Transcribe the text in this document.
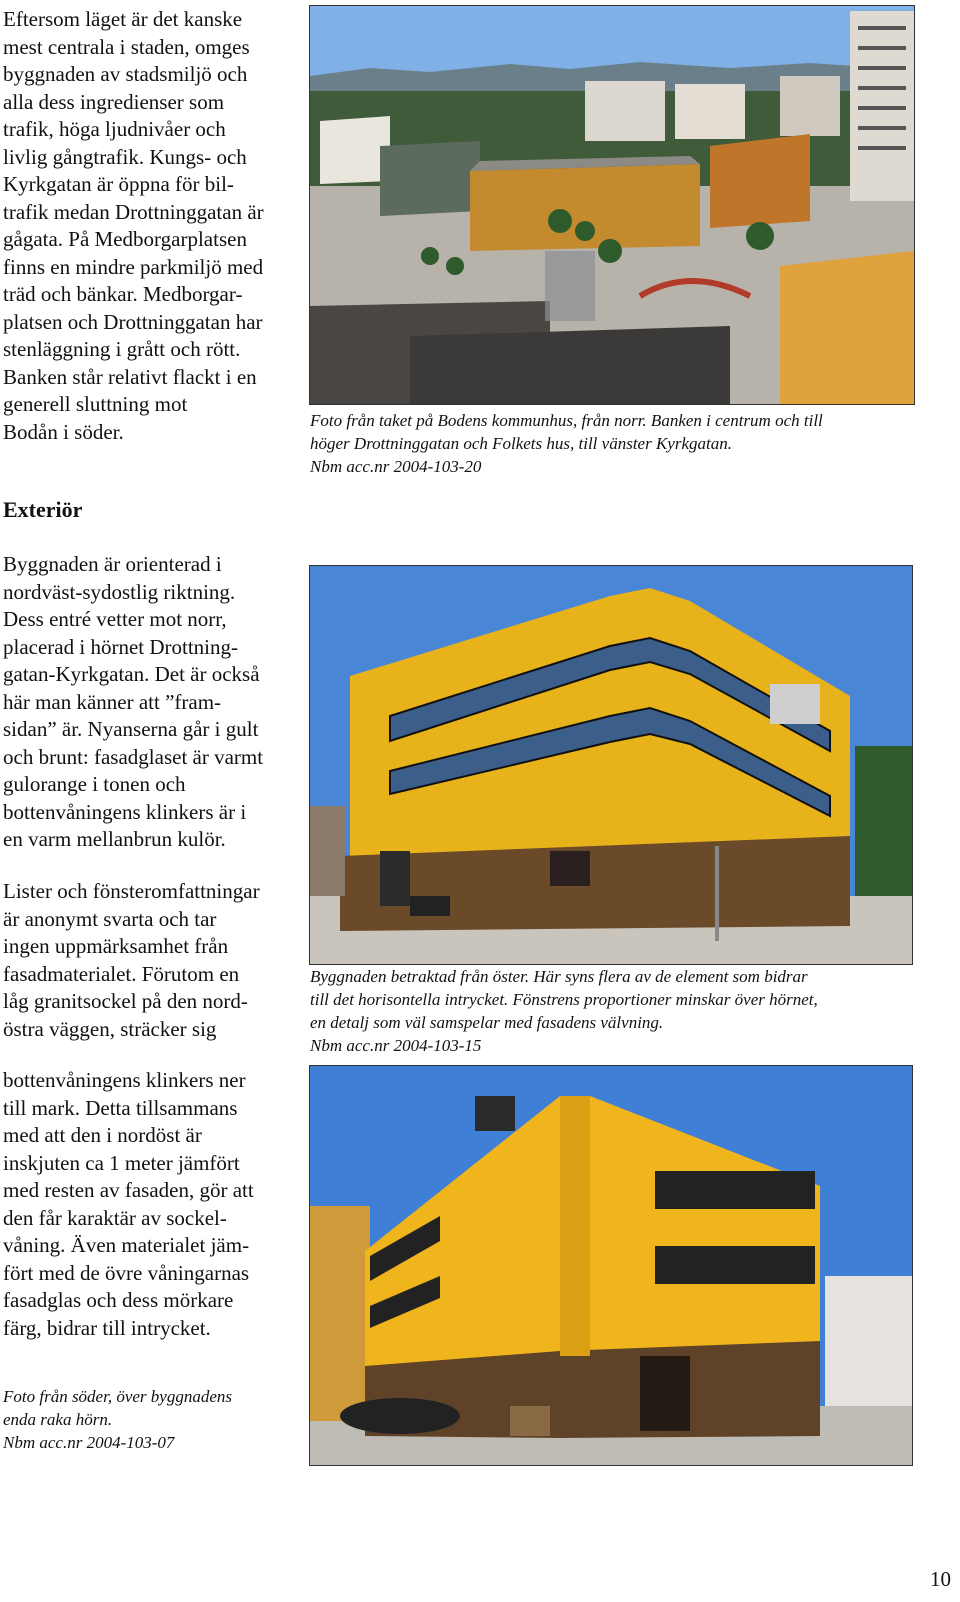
Eftersom läget är det kanske
mest centrala i staden, omges
byggnaden av stadsmiljö och
alla dess ingredienser som
trafik, höga ljudnivåer och
livlig gångtrafik. Kungs- och
Kyrkgatan är öppna för bil-
trafik medan Drottninggatan är
gågata. På Medborgarplatsen
finns en mindre parkmiljö med
träd och bänkar. Medborgar-
platsen och Drottninggatan har
stenläggning i grått och rött.
Banken står relativt flackt i en
generell sluttning mot
Bodån i söder.

Exteriör

Byggnaden är orienterad i
nordväst-sydostlig riktning.
Dess entré vetter mot norr,
placerad i hörnet Drottning-
gatan-Kyrkgatan. Det är också
här man känner att ”fram-
sidan” är. Nyanserna går i gult
och brunt: fasadglaset är varmt
gulorange i tonen och
bottenvåningens klinkers är i
en varm mellanbrun kulör.

Lister och fönsteromfattningar
är anonymt svarta och tar
ingen uppmärksamhet från
fasadmaterialet. Förutom en
låg granitsockel på den nord-
östra väggen, sträcker sig

bottenvåningens klinkers ner
till mark. Detta tillsammans
med att den i nordöst är
inskjuten ca 1 meter jämfört
med resten av fasaden, gör att
den får karaktär av sockel-
våning. Även materialet jäm-
fört med de övre våningarnas
fasadglas och dess mörkare
färg, bidrar till intrycket.

Foto från taket på Bodens kommunhus, från norr. Banken i centrum och till
höger Drottninggatan och Folkets hus, till vänster Kyrkgatan.
Nbm acc.nr 2004-103-20

Byggnaden betraktad från öster. Här syns flera av de element som bidrar
till det horisontella intrycket. Fönstrens proportioner minskar över hörnet,
en detalj som väl samspelar med fasadens välvning.
Nbm acc.nr 2004-103-15

Foto från söder, över byggnadens
enda raka hörn.
Nbm acc.nr 2004-103-07

10
